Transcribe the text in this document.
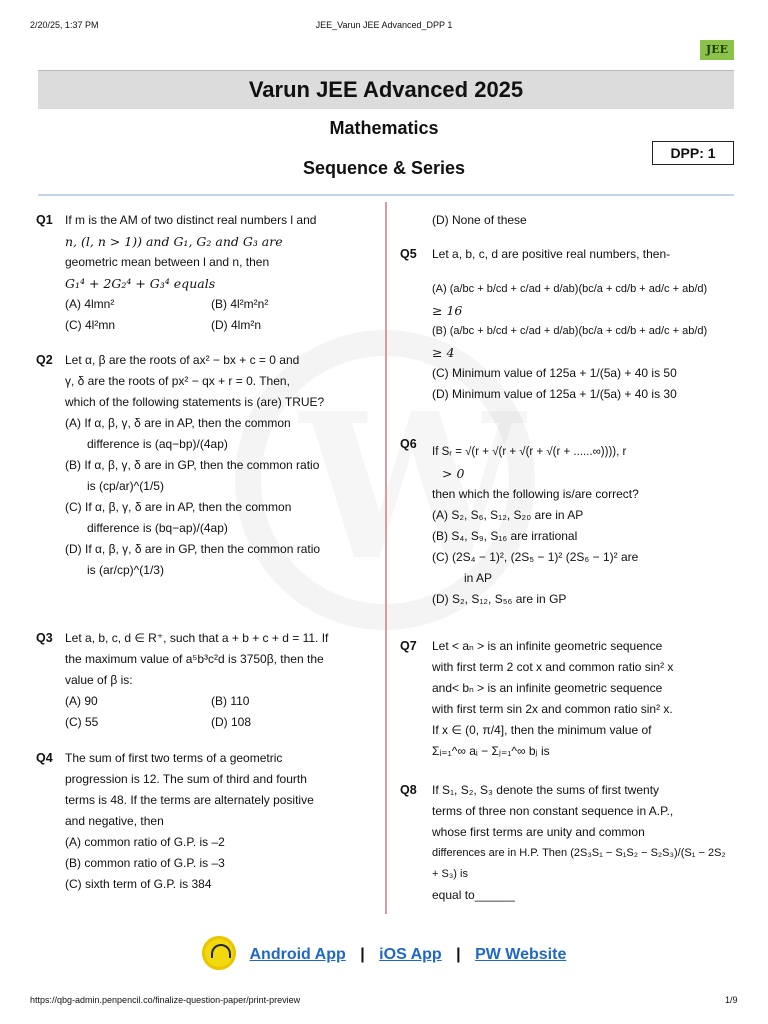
2/20/25, 1:37 PM	JEE_Varun JEE Advanced_DPP 1
https://qbg-admin.penpencil.co/finalize-question-paper/print-preview	1/9
JEE
Varun JEE Advanced 2025
Mathematics
Sequence & Series
DPP: 1
Q1 If m is the AM of two distinct real numbers l and
n, (l, n > 1)) and G₁, G₂ and G₃ are
geometric mean between l and n, then
G₁⁴ + 2G₂⁴ + G₃⁴ equals
(A) 4lmn²	(B) 4l²m²n²
(C) 4l²mn	(D) 4lm²n
Q2 Let α, β are the roots of ax² − bx + c = 0 and
γ, δ are the roots of px² − qx + r = 0. Then,
which of the following statements is (are) TRUE?
(A) If α, β, γ, δ are in AP, then the common
difference is (aq−bp)/(4ap)
(B) If α, β, γ, δ are in GP, then the common ratio
is (cp/ar)^(1/5)
(C) If α, β, γ, δ are in AP, then the common
difference is (bq−ap)/(4ap)
(D) If α, β, γ, δ are in GP, then the common ratio
is (ar/cp)^(1/3)
Q3 Let a, b, c, d ∈ R⁺, such that a + b + c + d = 11. If
the maximum value of a⁵b³c²d is 3750β, then the
value of β is:
(A) 90	(B) 110
(C) 55	(D) 108
Q4 The sum of first two terms of a geometric
progression is 12. The sum of third and fourth
terms is 48. If the terms are alternately positive
and negative, then
(A) common ratio of G.P. is –2
(B) common ratio of G.P. is –3
(C) sixth term of G.P. is 384
(D) None of these
Q5 Let a, b, c, d are positive real numbers, then-
(A) (a/bc + b/cd + c/ad + d/ab)(bc/a + cd/b + ad/c + ab/d)
≥ 16
(B) (a/bc + b/cd + c/ad + d/ab)(bc/a + cd/b + ad/c + ab/d)
≥ 4
(C) Minimum value of 125a + 1/(5a) + 40 is 50
(D) Minimum value of 125a + 1/(5a) + 40 is 30
Q6
If Sᵣ = √(r + √(r + √(r + √(r + ......∞)))), r
> 0
then which the following is/are correct?
(A) S₂, S₆, S₁₂, S₂₀ are in AP
(B) S₄, S₉, S₁₆ are irrational
(C) (2S₄ − 1)², (2S₅ − 1)² (2S₆ − 1)² are
in AP
(D) S₂, S₁₂, S₅₆ are in GP
Q7 Let < aₙ > is an infinite geometric sequence
with first term 2 cot x and common ratio sin² x
and< bₙ > is an infinite geometric sequence
with first term sin 2x and common ratio sin² x.
If x ∈ (0, π/4], then the minimum value of
Σᵢ₌₁^∞ aᵢ − Σⱼ₌₁^∞ bⱼ is
Q8 If S₁, S₂, S₃ denote the sums of first twenty
terms of three non constant sequence in A.P.,
whose first terms are unity and common
differences are in H.P. Then (2S₃S₁ − S₁S₂ − S₂S₃)/(S₁ − 2S₂ + S₃) is
equal to______
Android App | iOS App | PW Website
